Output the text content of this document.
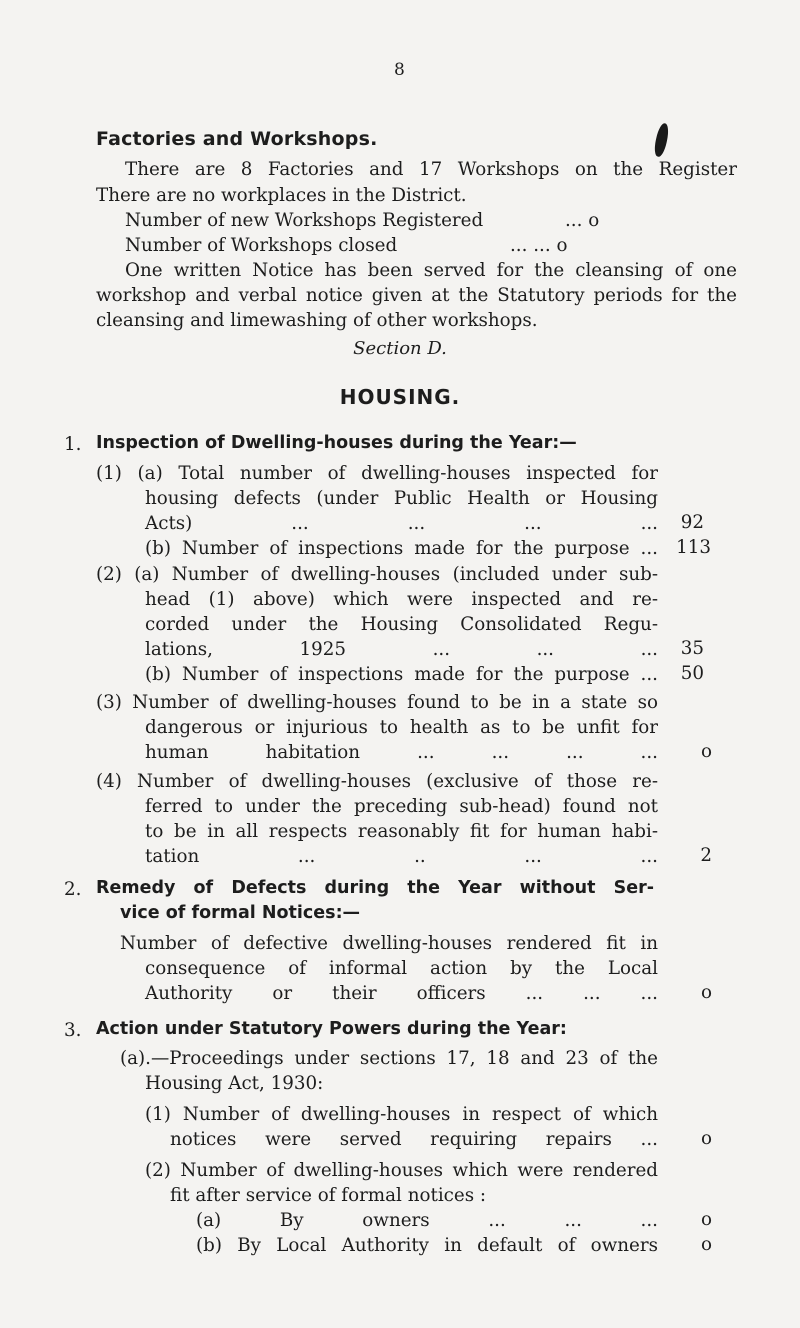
8
Factories and Workshops.
There are 8 Factories and 17 Workshops on the Register
There are no workplaces in the District.
Number of new Workshops Registered	... o
Number of Workshops closed	... ... o
One written Notice has been served for the cleansing of one
workshop and verbal notice given at the Statutory periods for the
cleansing and limewashing of other workshops.
Section D.
HOUSING.
1. Inspection of Dwelling-houses during the Year:—
(1) (a) Total number of dwelling-houses inspected for
housing defects (under Public Health or Housing
Acts) ... ... ... ...	92
(b) Number of inspections made for the purpose ... 113
(2) (a) Number of dwelling-houses (included under sub-
head (1) above) which were inspected and re-
corded under the Housing Consolidated Regu-
lations, 1925 ... ... ...	35
(b) Number of inspections made for the purpose ...	50
(3) Number of dwelling-houses found to be in a state so
dangerous or injurious to health as to be unfit for
human habitation ... ... ... ...	o
(4) Number of dwelling-houses (exclusive of those re-
ferred to under the preceding sub-head) found not
to be in all respects reasonably fit for human habi-
tation ... .. ... ...	2
2. Remedy of Defects during the Year without Ser-
vice of formal Notices:—
Number of defective dwelling-houses rendered fit in
consequence of informal action by the Local
Authority or their officers ... ... ...	o
3. Action under Statutory Powers during the Year:
(a).—Proceedings under sections 17, 18 and 23 of the
Housing Act, 1930:
(1) Number of dwelling-houses in respect of which
notices were served requiring repairs ...	o
(2) Number of dwelling-houses which were rendered
fit after service of formal notices :
(a) By owners ... ... ...	o
(b) By Local Authority in default of owners	o
